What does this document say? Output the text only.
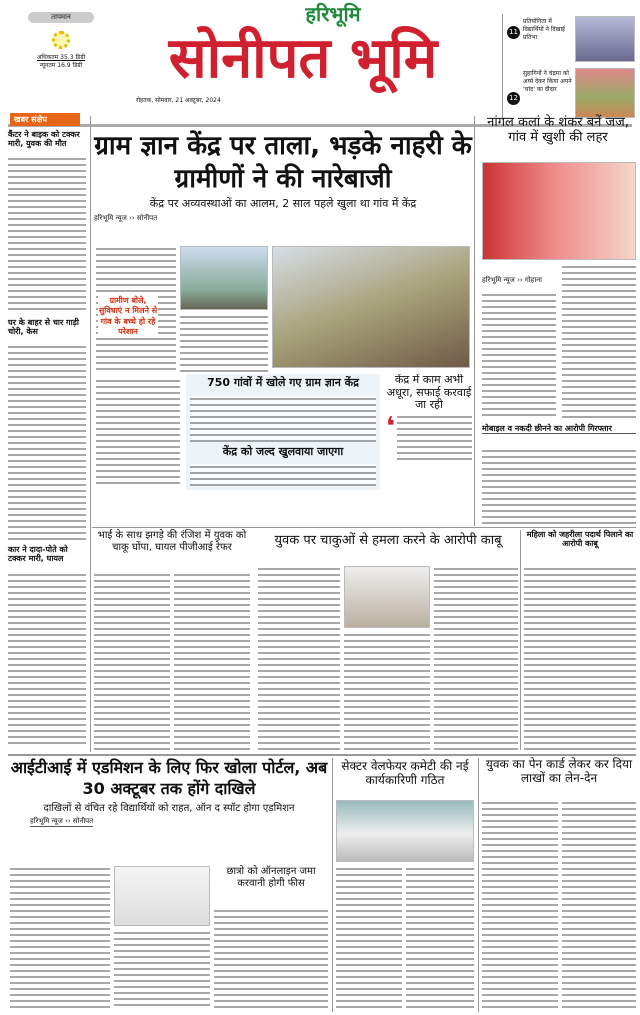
तापमान
अधिकतम 35.3 डिग्री
न्यूनतम 16.9 डिग्री
हरिभूमि
सोनीपत भूमि
रोहतक, सोमवार, 21 अक्टूबर, 2024
11
प्रतियोगिता में विद्यार्थियों ने दिखाई प्रतिभा
12
सुहागिनों ने चंद्रमा को अर्घ्य देकर किया अपने 'चांद' का दीदार
खबर संक्षेप
कैंटर ने बाइक को टक्कर मारी, युवक की मौत
घर के बाहर से चार गाड़ी चोरी, केस
कार ने दादा-पोते को टक्कर मारी, घायल
ग्राम ज्ञान केंद्र पर ताला, भड़के नाहरी के ग्रामीणों ने की नारेबाजी
केंद्र पर अव्यवस्थाओं का आलम, 2 साल पहले खुला था गांव में केंद्र
हरिभूमि न्यूज ›› सोनीपत
ग्रामीण बोले, सुविधाएं न मिलने से गांव के बच्चे हो रहे परेशान
750 गांवों में खोले गए ग्राम ज्ञान केंद्र
केंद्र को जल्द खुलवाया जाएगा
केंद्र में काम अभी अधूरा, सफाई करवाई जा रही
❛
नांगल कलां के शंकर बनें जज, गांव में खुशी की लहर
हरिभूमि न्यूज ›› गोहाना
मोबाइल व नकदी छीनने का आरोपी गिरफ्तार
भाई के साथ झगड़े की रंजिश में युवक को चाकू घोंपा, घायल पीजीआई रेफर	युवक पर चाकुओं से हमला करने के आरोपी काबू	महिला को जहरीला पदार्थ पिलाने का आरोपी काबू
आईटीआई में एडमिशन के लिए फिर खोला पोर्टल, अब 30 अक्टूबर तक होंगे दाखिले
दाखिलों से वंचित रहे विद्यार्थियों को राहत, ऑन द स्पॉट होगा एडमिशन
हरिभूमि न्यूज ›› सोनीपत
छात्रो को ऑनलाइन जमा करवानी होगी फीस
सेक्टर वेलफेयर कमेटी की नई कार्यकारिणी गठित
युवक का पेन कार्ड लेकर कर दिया लाखों का लेन-देन
